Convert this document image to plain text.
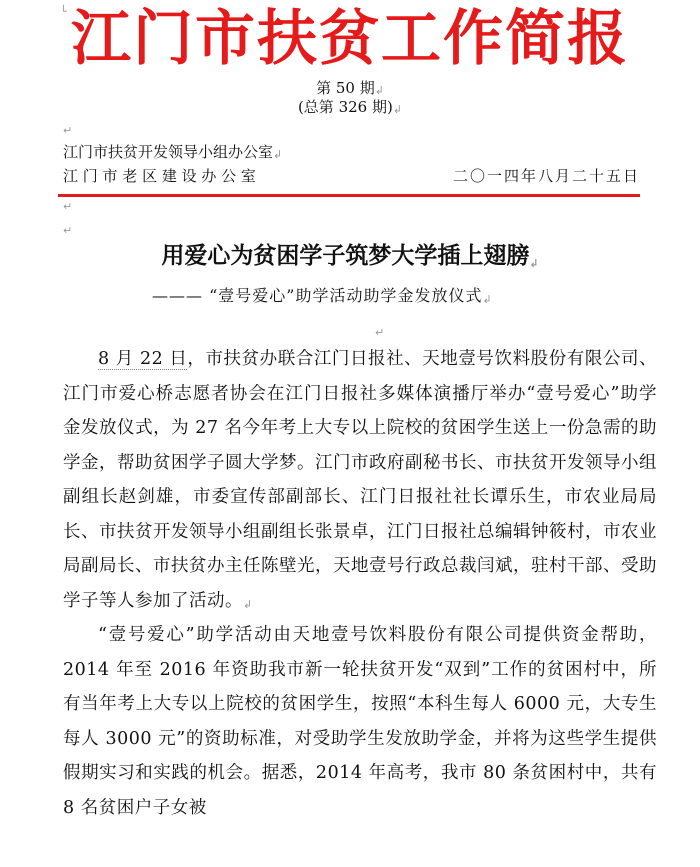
└ 江门市扶贫工作简报
第 50 期↲
(总第 326 期)↲
↵
江门市扶贫开发领导小组办公室↲
江 门 市 老 区 建 设 办 公 室	二〇一四年八月二十五日
↵
↵
用爱心为贫困学子筑梦大学插上翅膀↲
——— “壹号爱心”助学活动助学金发放仪式↲
↵

8 月 22 日，市扶贫办联合江门日报社、天地壹号饮料股份有限公司、江门市爱心桥志愿者协会在江门日报社多媒体演播厅举办“壹号爱心”助学金发放仪式，为 27 名今年考上大专以上院校的贫困学生送上一份急需的助学金，帮助贫困学子圆大学梦。江门市政府副秘书长、市扶贫开发领导小组副组长赵剑雄，市委宣传部副部长、江门日报社社长谭乐生，市农业局局长、市扶贫开发领导小组副组长张景卓，江门日报社总编辑钟筱村，市农业局副局长、市扶贫办主任陈壁光，天地壹号行政总裁闫斌，驻村干部、受助学子等人参加了活动。↲

“壹号爱心”助学活动由天地壹号饮料股份有限公司提供资金帮助，2014 年至 2016 年资助我市新一轮扶贫开发“双到”工作的贫困村中，所有当年考上大专以上院校的贫困学生，按照“本科生每人 6000 元，大专生每人 3000 元”的资助标准，对受助学生发放助学金，并将为这些学生提供假期实习和实践的机会。据悉，2014 年高考，我市 80 条贫困村中，共有 8 名贫困户子女被
